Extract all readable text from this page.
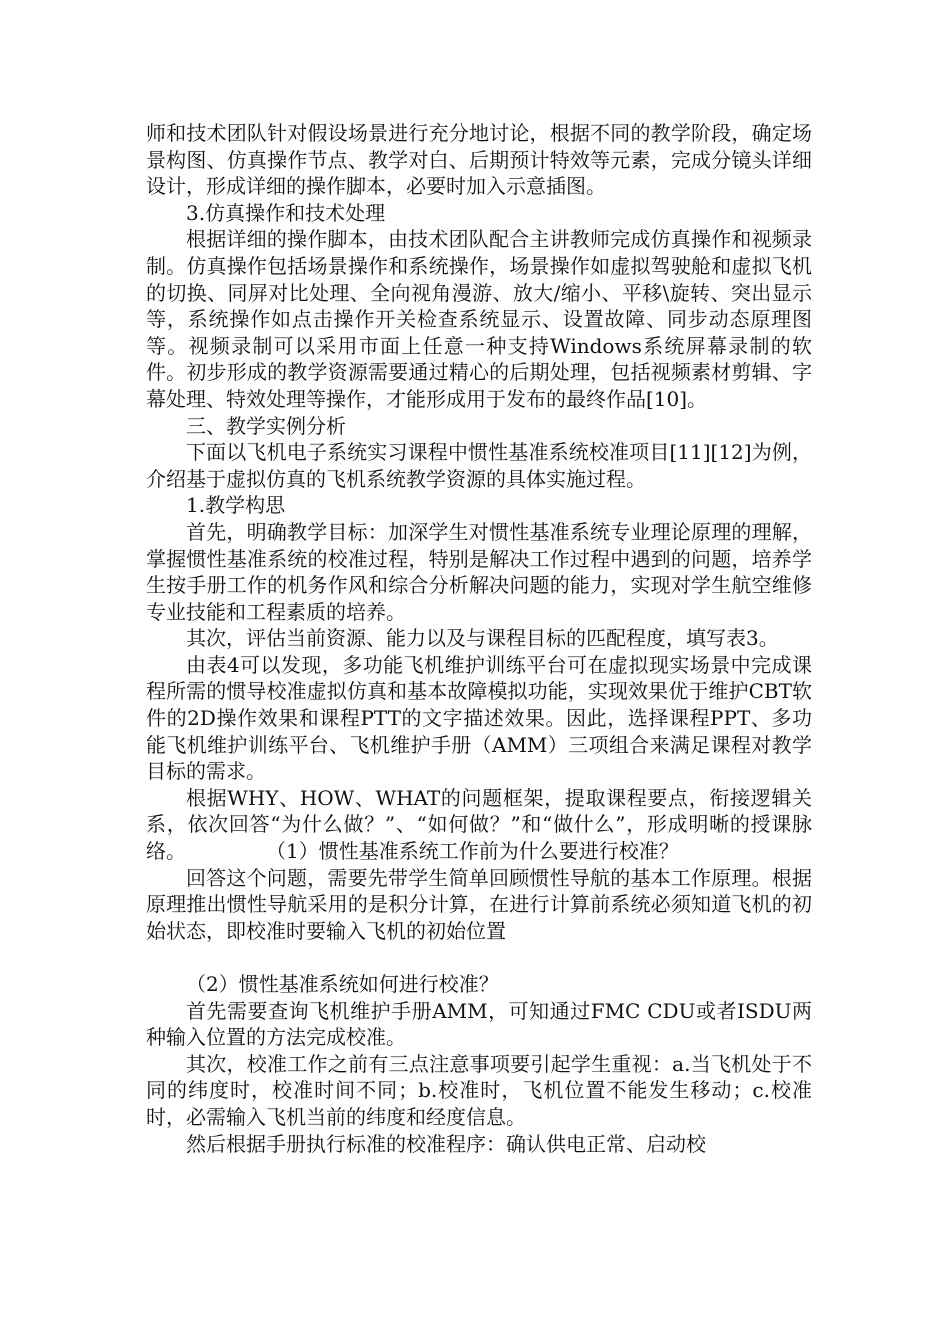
师和技术团队针对假设场景进行充分地讨论，根据不同的教学阶段，确定场景构图、仿真操作节点、教学对白、后期预计特效等元素，完成分镜头详细设计，形成详细的操作脚本，必要时加入示意插图。

3.仿真操作和技术处理

根据详细的操作脚本，由技术团队配合主讲教师完成仿真操作和视频录制。仿真操作包括场景操作和系统操作，场景操作如虚拟驾驶舱和虚拟飞机的切换、同屏对比处理、全向视角漫游、放大/缩小、平移\旋转、突出显示等，系统操作如点击操作开关检查系统显示、设置故障、同步动态原理图等。视频录制可以采用市面上任意一种支持Windows系统屏幕录制的软件。初步形成的教学资源需要通过精心的后期处理，包括视频素材剪辑、字幕处理、特效处理等操作，才能形成用于发布的最终作品[10]。

三、教学实例分析

下面以飞机电子系统实习课程中惯性基准系统校准项目[11][12]为例，介绍基于虚拟仿真的飞机系统教学资源的具体实施过程。

1.教学构思

首先，明确教学目标：加深学生对惯性基准系统专业理论原理的理解，掌握惯性基准系统的校准过程，特别是解决工作过程中遇到的问题，培养学生按手册工作的机务作风和综合分析解决问题的能力，实现对学生航空维修专业技能和工程素质的培养。

其次，评估当前资源、能力以及与课程目标的匹配程度，填写表3。

由表4可以发现，多功能飞机维护训练平台可在虚拟现实场景中完成课程所需的惯导校准虚拟仿真和基本故障模拟功能，实现效果优于维护CBT软件的2D操作效果和课程PTT的文字描述效果。因此，选择课程PPT、多功能飞机维护训练平台、飞机维护手册（AMM）三项组合来满足课程对教学目标的需求。

根据WHY、HOW、WHAT的问题框架，提取课程要点，衔接逻辑关系，依次回答“为什么做？”、“如何做？”和“做什么”，形成明晰的授课脉络。　　　　　（1）惯性基准系统工作前为什么要进行校准？

回答这个问题，需要先带学生简单回顾惯性导航的基本工作原理。根据原理推出惯性导航采用的是积分计算，在进行计算前系统必须知道飞机的初始状态，即校准时要输入飞机的初始位置

（2）惯性基准系统如何进行校准？

首先需要查询飞机维护手册AMM，可知通过FMC CDU或者ISDU两种输入位置的方法完成校准。

其次，校准工作之前有三点注意事项要引起学生重视：a.当飞机处于不同的纬度时，校准时间不同；b.校准时，飞机位置不能发生移动；c.校准时，必需输入飞机当前的纬度和经度信息。

然后根据手册执行标准的校准程序：确认供电正常、启动校
